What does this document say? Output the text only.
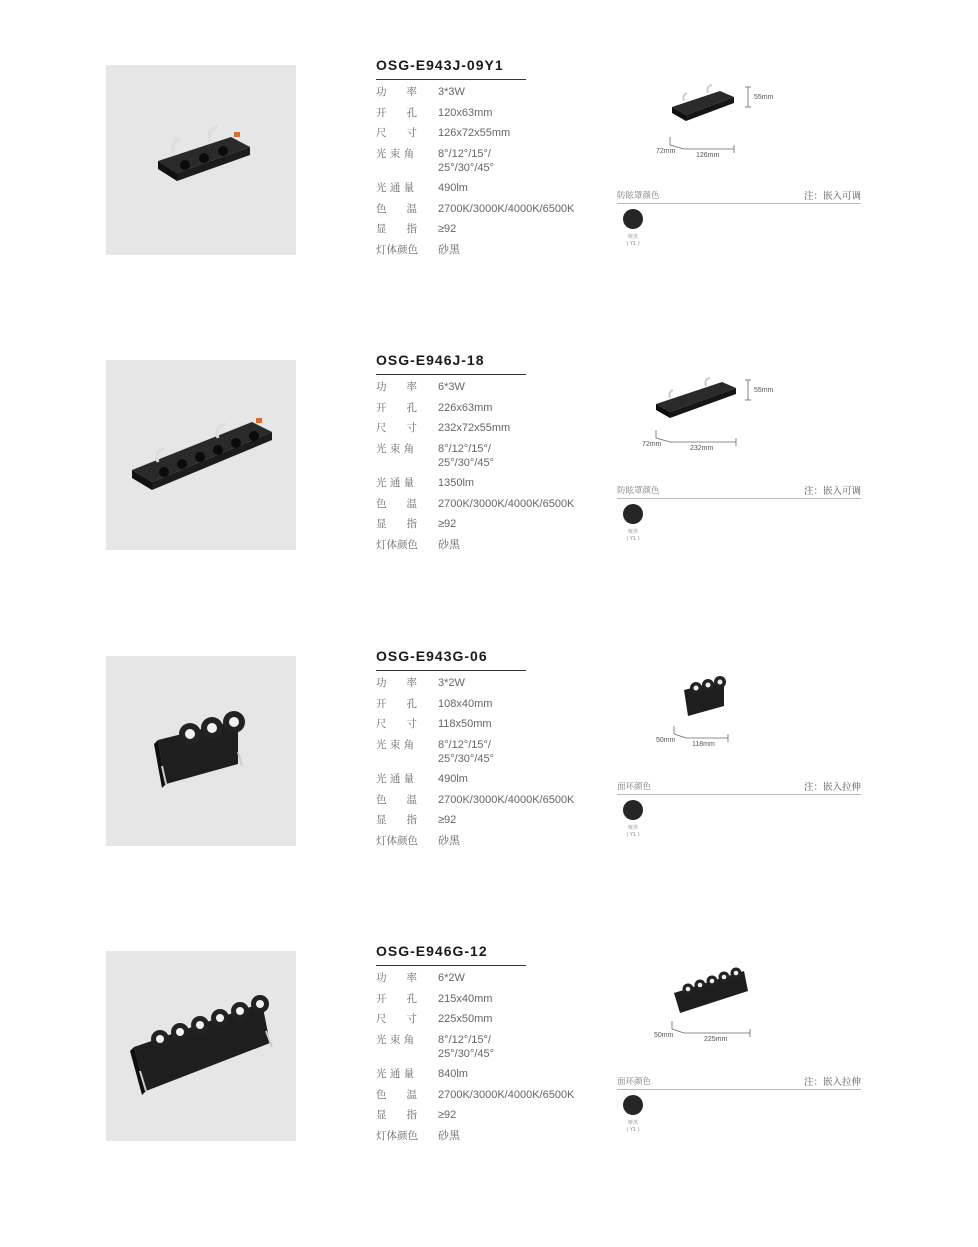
OSG-E943J-09Y1
功      率	3*3W
开      孔	120x63mm
尺      寸	126x72x55mm
光 束 角	8°/12°/15°/
25°/30°/45°
光 通 量	490lm
色      温	2700K/3000K/4000K/6500K
显      指	≥92
灯体颜色	砂黑
55mm
72mm
126mm
防眩罩颜色	注：嵌入可调
哑黑
( Y1 )
OSG-E946J-18
功      率	6*3W
开      孔	226x63mm
尺      寸	232x72x55mm
光 束 角	8°/12°/15°/
25°/30°/45°
光 通 量	1350lm
色      温	2700K/3000K/4000K/6500K
显      指	≥92
灯体颜色	砂黑
55mm
72mm
232mm
防眩罩颜色	注：嵌入可调
哑黑
( Y1 )
OSG-E943G-06
功      率	3*2W
开      孔	108x40mm
尺      寸	118x50mm
光 束 角	8°/12°/15°/
25°/30°/45°
光 通 量	490lm
色      温	2700K/3000K/4000K/6500K
显      指	≥92
灯体颜色	砂黑
50mm
118mm
面环颜色	注：嵌入拉伸
哑黑
( Y1 )
OSG-E946G-12
功      率	6*2W
开      孔	215x40mm
尺      寸	225x50mm
光 束 角	8°/12°/15°/
25°/30°/45°
光 通 量	840lm
色      温	2700K/3000K/4000K/6500K
显      指	≥92
灯体颜色	砂黑
50mm
225mm
面环颜色	注：嵌入拉伸
哑黑
( Y1 )
